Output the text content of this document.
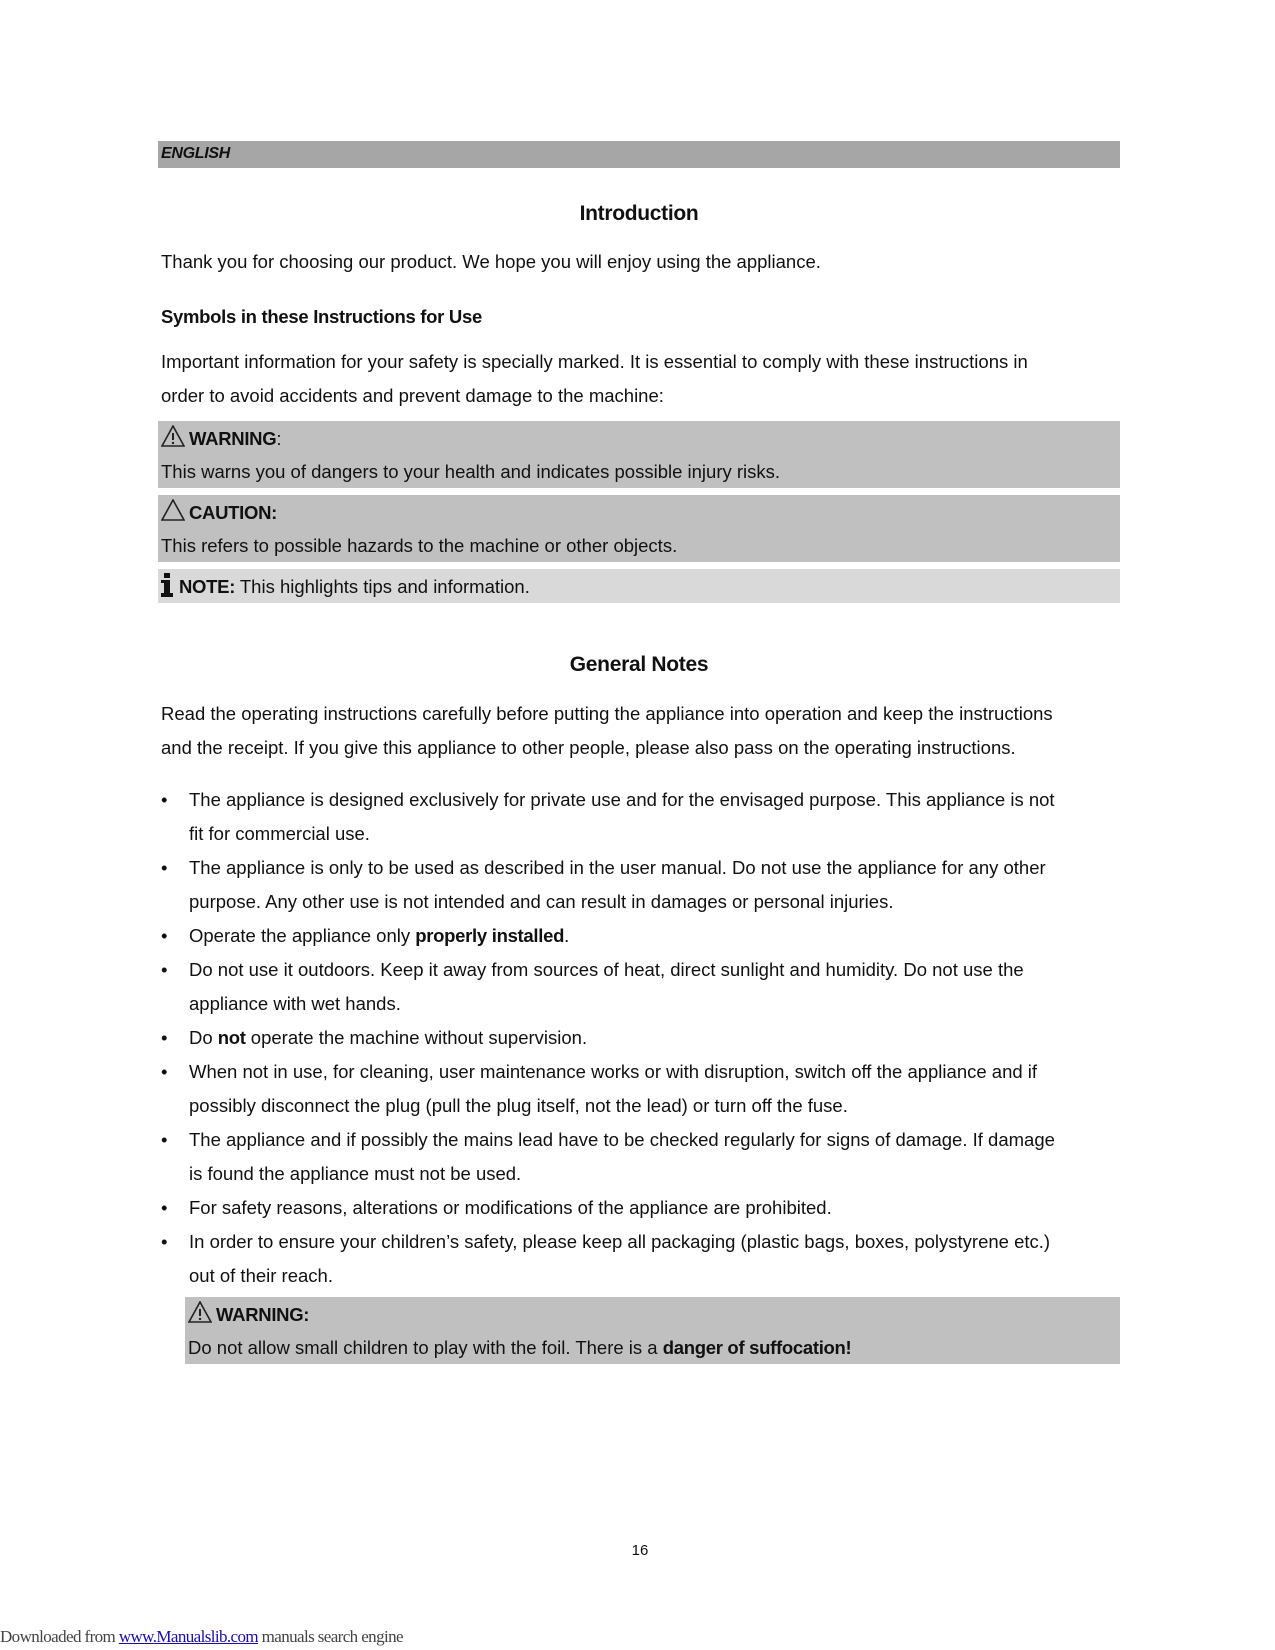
ENGLISH
Introduction
Thank you for choosing our product. We hope you will enjoy using the appliance.
Symbols in these Instructions for Use
Important information for your safety is specially marked. It is essential to comply with these instructions in
order to avoid accidents and prevent damage to the machine:
WARNING:
This warns you of dangers to your health and indicates possible injury risks.
CAUTION:
This refers to possible hazards to the machine or other objects.
NOTE: This highlights tips and information.
General Notes
Read the operating instructions carefully before putting the appliance into operation and keep the instructions
and the receipt. If you give this appliance to other people, please also pass on the operating instructions.
• The appliance is designed exclusively for private use and for the envisaged purpose. This appliance is not
fit for commercial use.
• The appliance is only to be used as described in the user manual. Do not use the appliance for any other
purpose. Any other use is not intended and can result in damages or personal injuries.
• Operate the appliance only properly installed.
• Do not use it outdoors. Keep it away from sources of heat, direct sunlight and humidity. Do not use the
appliance with wet hands.
• Do not operate the machine without supervision.
• When not in use, for cleaning, user maintenance works or with disruption, switch off the appliance and if
possibly disconnect the plug (pull the plug itself, not the lead) or turn off the fuse.
• The appliance and if possibly the mains lead have to be checked regularly for signs of damage. If damage
is found the appliance must not be used.
• For safety reasons, alterations or modifications of the appliance are prohibited.
• In order to ensure your children’s safety, please keep all packaging (plastic bags, boxes, polystyrene etc.)
out of their reach.
WARNING:
Do not allow small children to play with the foil. There is a danger of suffocation!
16
Downloaded from www.Manualslib.com manuals search engine
